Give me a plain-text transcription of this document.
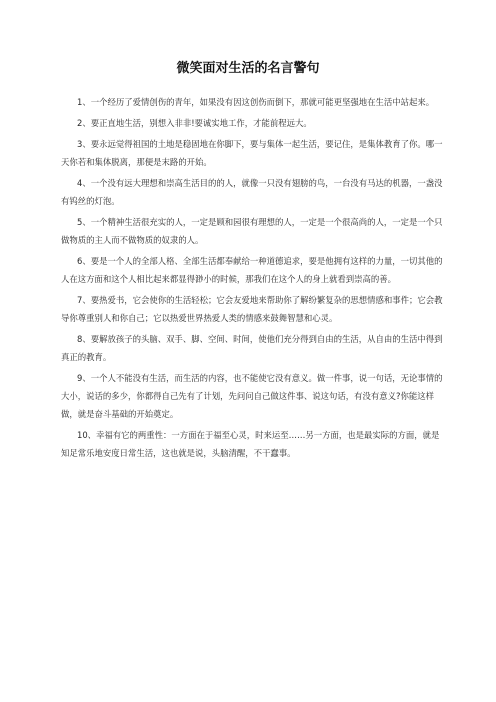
微笑面对生活的名言警句

1、一个经历了爱情创伤的青年，如果没有因这创伤而倒下，那就可能更坚强地在生活中站起来。

2、要正直地生活，别想入非非!要诚实地工作，才能前程远大。

3、要永远觉得祖国的土地是稳固地在你脚下，要与集体一起生活，要记住，是集体教育了你。哪一天你若和集体脱离，那便是末路的开始。

4、一个没有远大理想和崇高生活目的的人，就像一只没有翅膀的鸟，一台没有马达的机器，一盏没有钨丝的灯泡。

5、一个精神生活很充实的人，一定是顾和园很有理想的人，一定是一个很高尚的人，一定是一个只做物质的主人而不做物质的奴隶的人。

6、要是一个人的全部人格、全部生活都奉献给一种道德追求，要是他拥有这样的力量，一切其他的人在这方面和这个人相比起来都显得渺小的时候，那我们在这个人的身上就看到崇高的善。

7、要热爱书，它会使你的生活轻松；它会友爱地来帮助你了解纷繁复杂的思想情感和事件；它会教导你尊重别人和你自己；它以热爱世界热爱人类的情感来鼓舞智慧和心灵。

8、要解放孩子的头脑、双手、脚、空间、时间，使他们充分得到自由的生活，从自由的生活中得到真正的教育。

9、一个人不能没有生活，而生活的内容，也不能使它没有意义。做一件事，说一句话，无论事情的大小，说话的多少，你都得自己先有了计划，先问问自己做这件事、说这句话，有没有意义?你能这样做，就是奋斗基础的开始奠定。

10、幸福有它的两重性：一方面在于福至心灵，时来运至……另一方面，也是最实际的方面，就是知足常乐地安度日常生活，这也就是说，头脑清醒，不干蠢事。
